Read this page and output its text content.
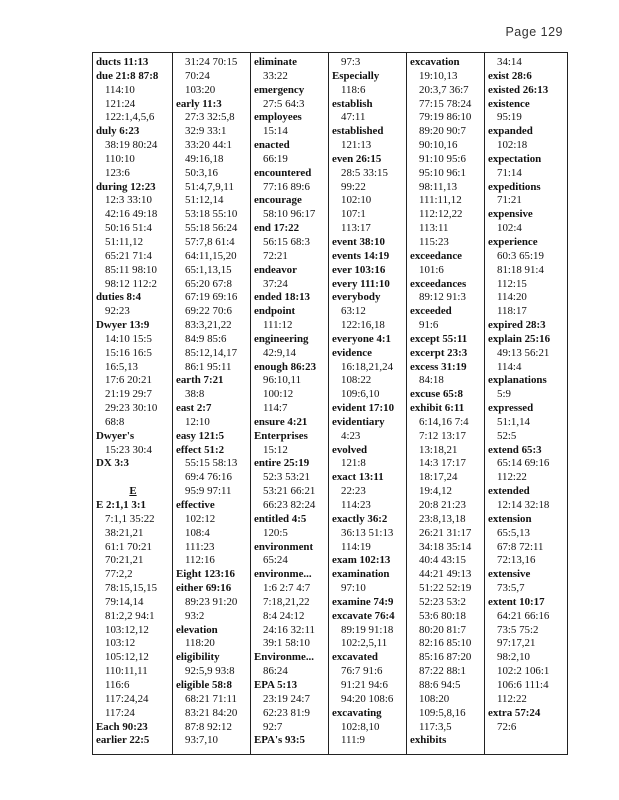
Page 129
ducts 11:13
due 21:8 87:8
114:10
121:24
122:1,4,5,6
duly 6:23
38:19 80:24
110:10
123:6
during 12:23
12:3 33:10
42:16 49:18
50:16 51:4
51:11,12
65:21 71:4
85:11 98:10
98:12 112:2
duties 8:4
92:23
Dwyer 13:9
14:10 15:5
15:16 16:5
16:5,13
17:6 20:21
21:19 29:7
29:23 30:10
68:8
Dwyer's
15:23 30:4
DX 3:3
E
E 2:1,1 3:1
7:1,1 35:22
38:21,21
61:1 70:21
70:21,21
77:2,2
78:15,15,15
79:14,14
81:2,2 94:1
103:12,12
103:12
105:12,12
110:11,11
116:6
117:24,24
117:24
Each 90:23
earlier 22:5
31:24 70:15
70:24
103:20
early 11:3
27:3 32:5,8
32:9 33:1
33:20 44:1
49:16,18
50:3,16
51:4,7,9,11
51:12,14
53:18 55:10
55:18 56:24
57:7,8 61:4
64:11,15,20
65:1,13,15
65:20 67:8
67:19 69:16
69:22 70:6
83:3,21,22
84:9 85:6
85:12,14,17
86:1 95:11
earth 7:21
38:8
east 2:7
12:10
easy 121:5
effect 51:2
55:15 58:13
69:4 76:16
95:9 97:11
effective
102:12
108:4
111:23
112:16
Eight 123:16
either 69:16
89:23 91:20
93:2
elevation
118:20
eligibility
92:5,9 93:8
eligible 58:8
68:21 71:11
83:21 84:20
87:8 92:12
93:7,10
eliminate
33:22
emergency
27:5 64:3
employees
15:14
enacted
66:19
encountered
77:16 89:6
encourage
58:10 96:17
end 17:22
56:15 68:3
72:21
endeavor
37:24
ended 18:13
endpoint
111:12
engineering
42:9,14
enough 86:23
96:10,11
100:12
114:7
ensure 4:21
Enterprises
15:12
entire 25:19
52:3 53:21
53:21 66:21
66:23 82:24
entitled 4:5
120:5
environment
65:24
environme...
1:6 2:7 4:7
7:18,21,22
8:4 24:12
24:16 32:11
39:1 58:10
Environme...
86:24
EPA 5:13
23:19 24:7
62:23 81:9
92:7
EPA's 93:5
97:3
Especially
118:6
establish
47:11
established
121:13
even 26:15
28:5 33:15
99:22
102:10
107:1
113:17
event 38:10
events 14:19
ever 103:16
every 111:10
everybody
63:12
122:16,18
everyone 4:1
evidence
16:18,21,24
108:22
109:6,10
evident 17:10
evidentiary
4:23
evolved
121:8
exact 13:11
22:23
114:23
exactly 36:2
36:13 51:13
114:19
exam 102:13
examination
97:10
examine 74:9
excavate 76:4
89:19 91:18
102:2,5,11
excavated
76:7 91:6
91:21 94:6
94:20 108:6
excavating
102:8,10
111:9
excavation
19:10,13
20:3,7 36:7
77:15 78:24
79:19 86:10
89:20 90:7
90:10,16
91:10 95:6
95:10 96:1
98:11,13
111:11,12
112:12,22
113:11
115:23
exceedance
101:6
exceedances
89:12 91:3
exceeded
91:6
except 55:11
excerpt 23:3
excess 31:19
84:18
excuse 65:8
exhibit 6:11
6:14,16 7:4
7:12 13:17
13:18,21
14:3 17:17
18:17,24
19:4,12
20:8 21:23
23:8,13,18
26:21 31:17
34:18 35:14
40:4 43:15
44:21 49:13
51:22 52:19
52:23 53:2
53:6 80:18
80:20 81:7
82:16 85:10
85:16 87:20
87:22 88:1
88:6 94:5
108:20
109:5,8,16
117:3,5
exhibits
34:14
exist 28:6
existed 26:13
existence
95:19
expanded
102:18
expectation
71:14
expeditions
71:21
expensive
102:4
experience
60:3 65:19
81:18 91:4
112:15
114:20
118:17
expired 28:3
explain 25:16
49:13 56:21
114:4
explanations
5:9
expressed
51:1,14
52:5
extend 65:3
65:14 69:16
112:22
extended
12:14 32:18
extension
65:5,13
67:8 72:11
72:13,16
extensive
73:5,7
extent 10:17
64:21 66:16
73:5 75:2
97:17,21
98:2,10
102:2 106:1
106:6 111:4
112:22
extra 57:24
72:6
